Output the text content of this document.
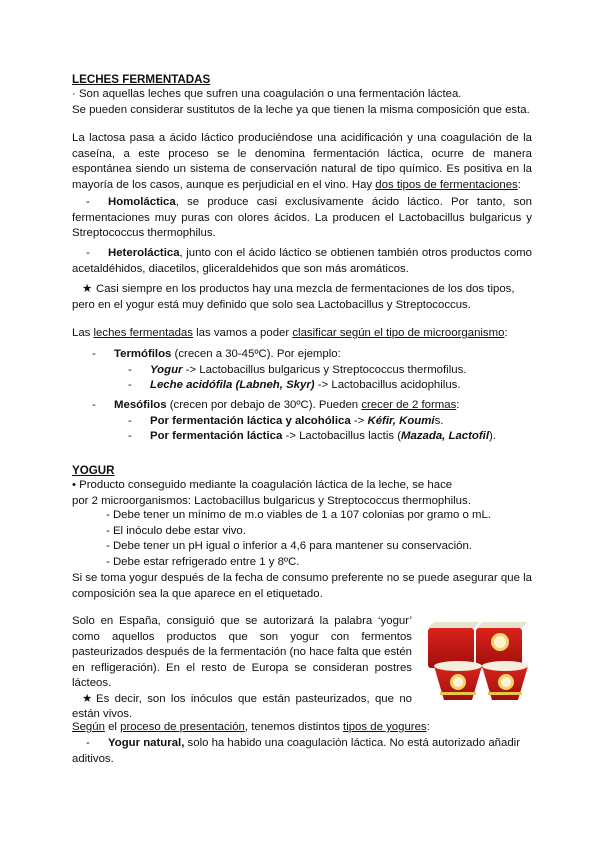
LECHES FERMENTADAS

· Son aquellas leches que sufren una coagulación o una fermentación láctea.

Se pueden considerar sustitutos de la leche ya que tienen la misma composición que esta.

La lactosa pasa a ácido láctico produciéndose una acidificación y una coagulación de la caseína, a este proceso se le denomina fermentación láctica, ocurre de manera espontánea siendo un sistema de conservación natural de tipo químico. Es positiva en la mayoría de los casos, aunque es perjudicial en el vino. Hay dos tipos de fermentaciones:

- Homoláctica, se produce casi exclusivamente ácido láctico. Por tanto, son fermentaciones muy puras con olores ácidos. La producen el Lactobacillus bulgaricus y Streptococcus thermophilus.

- Heteroláctica, junto con el ácido láctico se obtienen también otros productos como acetaldéhidos, diacetilos, gliceraldehidos que son más aromáticos.

★ Casi siempre en los productos hay una mezcla de fermentaciones de los dos tipos, pero en el yogur está muy definido que solo sea Lactobacillus y Streptococcus.

Las leches fermentadas las vamos a poder clasificar según el tipo de microorganismo:

- Termófilos (crecen a 30-45ºC). Por ejemplo:

- Yogur -> Lactobacillus bulgaricus y Streptococcus thermofilus.

- Leche acidófila (Labneh, Skyr) -> Lactobacillus acidophilus.

- Mesófilos (crecen por debajo de 30ºC). Pueden crecer de 2 formas:

- Por fermentación láctica y alcohólica -> Kéfir, Koumis.

- Por fermentación láctica -> Lactobacillus lactis (Mazada, Lactofil).

YOGUR

• Producto conseguido mediante la coagulación láctica de la leche, se hace

por 2 microorganismos: Lactobacillus bulgaricus y Streptococcus thermophilus.

- Debe tener un mínimo de m.o viables de 1 a 107 colonias por gramo o mL.

- El inóculo debe estar vivo.

- Debe tener un pH igual o inferior a 4,6 para mantener su conservación.

- Debe estar refrigerado entre 1 y 8ºC.

Si se toma yogur después de la fecha de consumo preferente no se puede asegurar que la composición sea la que aparece en el etiquetado.

Solo en España, consiguió que se autorizará la palabra ‘yogur’ como aquellos productos que son yogur con fermentos pasteurizados después de la fermentación (no hace falta que estén en refligeración). En el resto de Europa se consideran postres lácteos.

★ Es decir, son los inóculos que están pasteurizados, que no están vivos.

Según el proceso de presentación, tenemos distintos tipos de yogures:

- Yogur natural, solo ha habido una coagulación láctica. No está autorizado añadir aditivos.
